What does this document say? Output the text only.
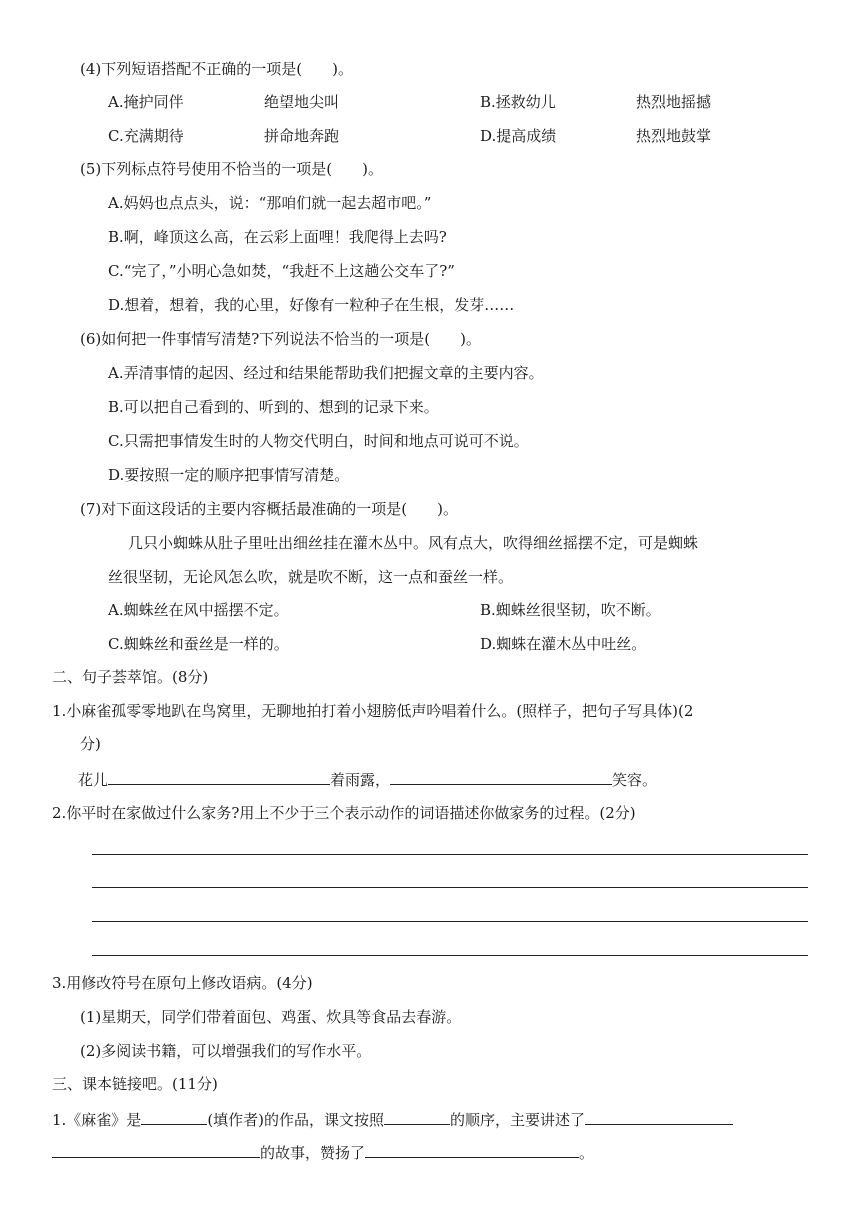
(4)下列短语搭配不正确的一项是(　　)。
A.掩护同伴	绝望地尖叫	B.拯救幼儿	热烈地摇撼
C.充满期待	拼命地奔跑	D.提高成绩	热烈地鼓掌
(5)下列标点符号使用不恰当的一项是(　　)。
A.妈妈也点点头，说：“那咱们就一起去超市吧。”
B.啊，峰顶这么高，在云彩上面哩！我爬得上去吗?
C.“完了，”小明心急如焚，“我赶不上这趟公交车了?”
D.想着，想着，我的心里，好像有一粒种子在生根，发芽……
(6)如何把一件事情写清楚?下列说法不恰当的一项是(　　)。
A.弄清事情的起因、经过和结果能帮助我们把握文章的主要内容。
B.可以把自己看到的、听到的、想到的记录下来。
C.只需把事情发生时的人物交代明白，时间和地点可说可不说。
D.要按照一定的顺序把事情写清楚。
(7)对下面这段话的主要内容概括最准确的一项是(　　)。
几只小蜘蛛从肚子里吐出细丝挂在灌木丛中。风有点大，吹得细丝摇摆不定，可是蜘蛛
丝很坚韧，无论风怎么吹，就是吹不断，这一点和蚕丝一样。
A.蜘蛛丝在风中摇摆不定。	B.蜘蛛丝很坚韧，吹不断。
C.蜘蛛丝和蚕丝是一样的。	D.蜘蛛在灌木丛中吐丝。
二、句子荟萃馆。(8分)
1.小麻雀孤零零地趴在鸟窝里，无聊地拍打着小翅膀低声吟唱着什么。(照样子，把句子写具体)(2
分)
花儿	着雨露，	笑容。
2.你平时在家做过什么家务?用上不少于三个表示动作的词语描述你做家务的过程。(2分)
3.用修改符号在原句上修改语病。(4分)
(1)星期天，同学们带着面包、鸡蛋、炊具等食品去春游。
(2)多阅读书籍，可以增强我们的写作水平。
三、课本链接吧。(11分)
1.《麻雀》是	(填作者)的作品，课文按照	的顺序，主要讲述了
的故事，赞扬了	。
